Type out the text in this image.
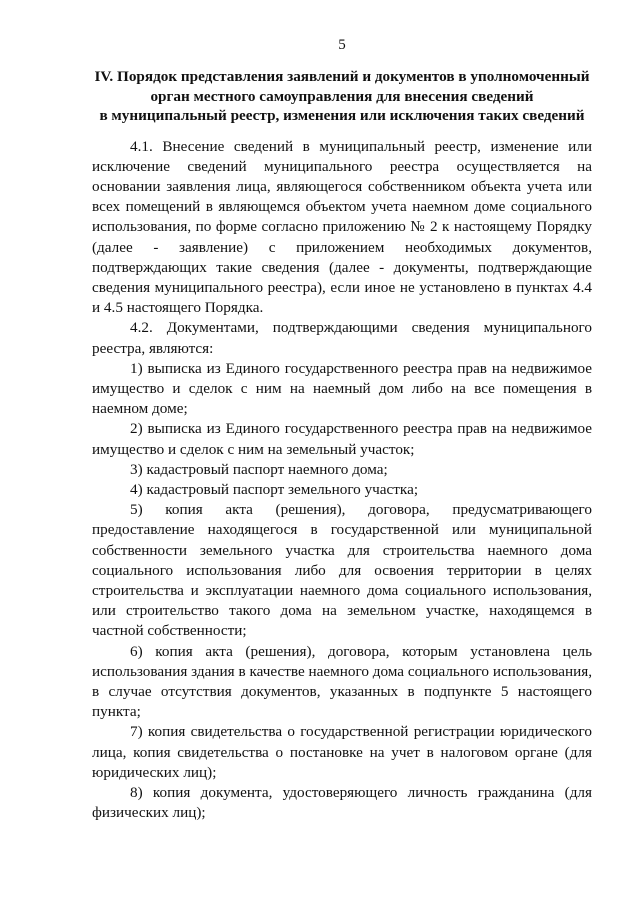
5
IV. Порядок представления заявлений и документов в уполномоченный
орган местного самоуправления для внесения сведений
в муниципальный реестр, изменения или исключения таких сведений

4.1. Внесение сведений в муниципальный реестр, изменение или исключение сведений муниципального реестра осуществляется на основании заявления лица, являющегося собственником объекта учета или всех помещений в являющемся объектом учета наемном доме социального использования, по форме согласно приложению № 2 к настоящему Порядку (далее - заявление) с приложением необходимых документов, подтверждающих такие сведения (далее - документы, подтверждающие сведения муниципального реестра), если иное не установлено в пунктах 4.4 и 4.5 настоящего Порядка.

4.2. Документами, подтверждающими сведения муниципального реестра, являются:

1) выписка из Единого государственного реестра прав на недвижимое имущество и сделок с ним на наемный дом либо на все помещения в наемном доме;

2) выписка из Единого государственного реестра прав на недвижимое имущество и сделок с ним на земельный участок;

3) кадастровый паспорт наемного дома;

4) кадастровый паспорт земельного участка;

5) копия акта (решения), договора, предусматривающего предоставление находящегося в государственной или муниципальной собственности земельного участка для строительства наемного дома социального использования либо для освоения территории в целях строительства и эксплуатации наемного дома социального использования, или строительство такого дома на земельном участке, находящемся в частной собственности;

6) копия акта (решения), договора, которым установлена цель использования здания в качестве наемного дома социального использования, в случае отсутствия документов, указанных в подпункте 5 настоящего пункта;

7) копия свидетельства о государственной регистрации юридического лица, копия свидетельства о постановке на учет в налоговом органе (для юридических лиц);

8) копия документа, удостоверяющего личность гражданина (для физических лиц);
